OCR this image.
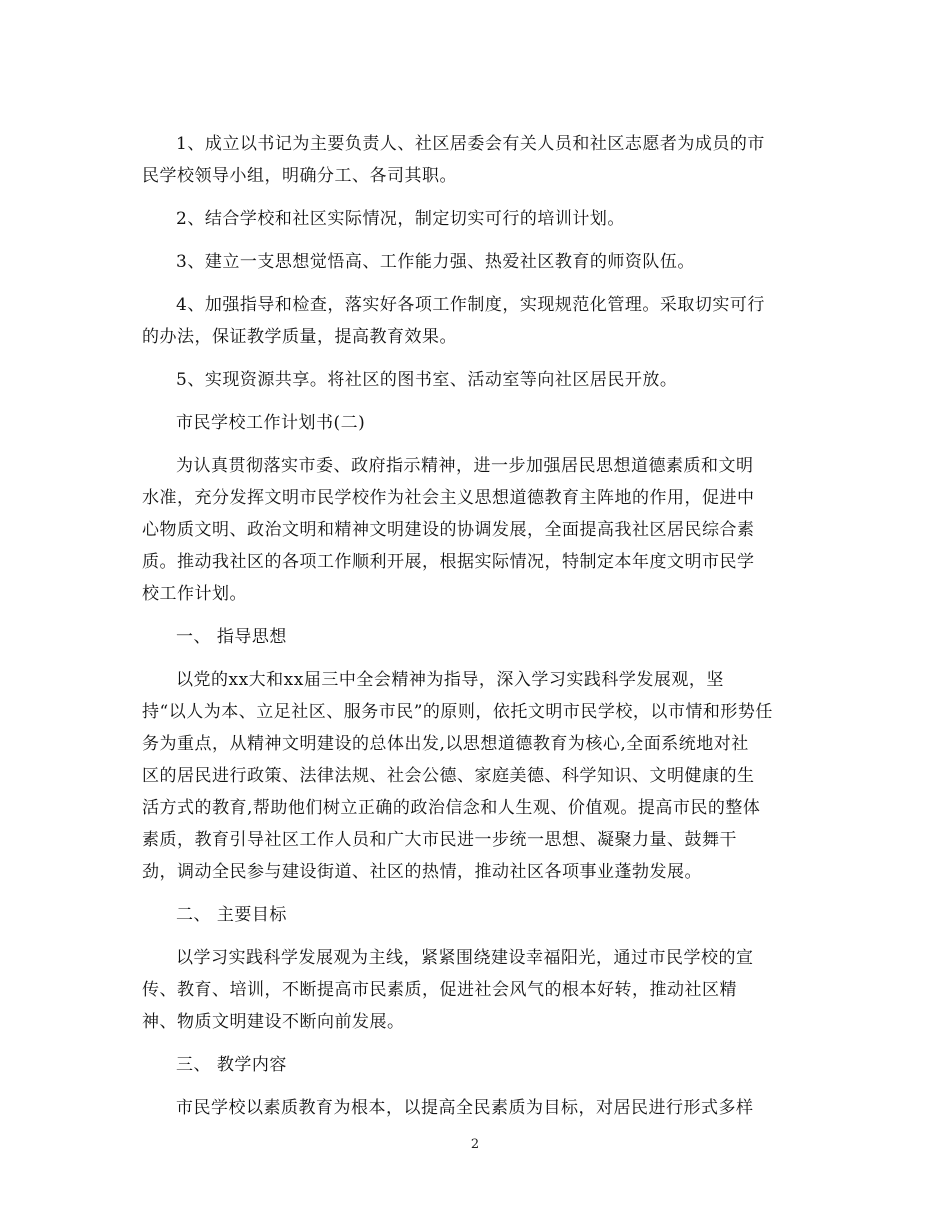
1、成立以书记为主要负责人、社区居委会有关人员和社区志愿者为成员的市
民学校领导小组，明确分工、各司其职。
2、结合学校和社区实际情况，制定切实可行的培训计划。
3、建立一支思想觉悟高、工作能力强、热爱社区教育的师资队伍。
4、加强指导和检查，落实好各项工作制度，实现规范化管理。采取切实可行
的办法，保证教学质量，提高教育效果。
5、实现资源共享。将社区的图书室、活动室等向社区居民开放。
市民学校工作计划书(二)
为认真贯彻落实市委、政府指示精神，进一步加强居民思想道德素质和文明
水准，充分发挥文明市民学校作为社会主义思想道德教育主阵地的作用，促进中
心物质文明、政治文明和精神文明建设的协调发展，全面提高我社区居民综合素
质。推动我社区的各项工作顺利开展，根据实际情况，特制定本年度文明市民学
校工作计划。
一、 指导思想
以党的xx大和xx届三中全会精神为指导，深入学习实践科学发展观，坚
持“以人为本、立足社区、服务市民”的原则，依托文明市民学校，以市情和形势任
务为重点，从精神文明建设的总体出发,以思想道德教育为核心,全面系统地对社
区的居民进行政策、法律法规、社会公德、家庭美德、科学知识、文明健康的生
活方式的教育,帮助他们树立正确的政治信念和人生观、价值观。提高市民的整体
素质，教育引导社区工作人员和广大市民进一步统一思想、凝聚力量、鼓舞干
劲，调动全民参与建设街道、社区的热情，推动社区各项事业蓬勃发展。
二、 主要目标
以学习实践科学发展观为主线，紧紧围绕建设幸福阳光，通过市民学校的宣
传、教育、培训，不断提高市民素质，促进社会风气的根本好转，推动社区精
神、物质文明建设不断向前发展。
三、 教学内容
市民学校以素质教育为根本，以提高全民素质为目标，对居民进行形式多样
2
